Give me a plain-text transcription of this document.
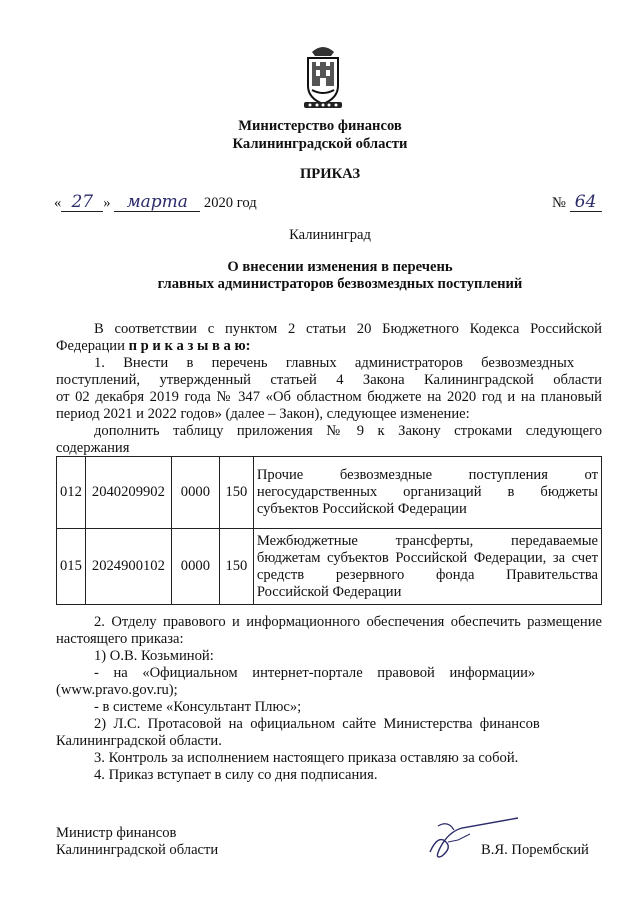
Министерство финансов
Калининградской области
ПРИКАЗ
« 27 » марта 2020 год	№ 64
Калининград
О внесении изменения в перечень
главных администраторов безвозмездных поступлений
В соответствии с пунктом 2 статьи 20 Бюджетного Кодекса Российской
Федерации п р и к а з ы в а ю:
1.     Внести     в     перечень     главных     администраторов     безвозмездных
поступлений,  утвержденный  статьей  4  Закона  Калининградской  области
от 02 декабря 2019 года № 347 «Об областном бюджете на 2020 год и на плановый
период 2021 и 2022 годов» (далее – Закон), следующее изменение:
дополнить  таблицу  приложения  №  9  к  Закону  строками  следующего
содержания
012	2040209902	0000	150	Прочие     безвозмездные     поступления     от
негосударственных     организаций     в     бюджеты
субъектов Российской Федерации

015	2024900102	0000	150	Межбюджетные     трансферты,     передаваемые
бюджетам субъектов Российской Федерации, за счет
средств     резервного     фонда     Правительства
Российской Федерации
2. Отделу правового и информационного обеспечения обеспечить размещение
настоящего приказа:
1) О.В. Козьминой:
-    на    «Официальном    интернет-портале    правовой    информации»
(www.pravo.gov.ru);
- в системе «Консультант Плюс»;
2)  Л.С.  Протасовой  на  официальном  сайте  Министерства  финансов
Калининградской области.
3. Контроль за исполнением настоящего приказа оставляю за собой.
4. Приказ вступает в силу со дня подписания.
Министр финансов
Калининградской области	В.Я. Порембский
